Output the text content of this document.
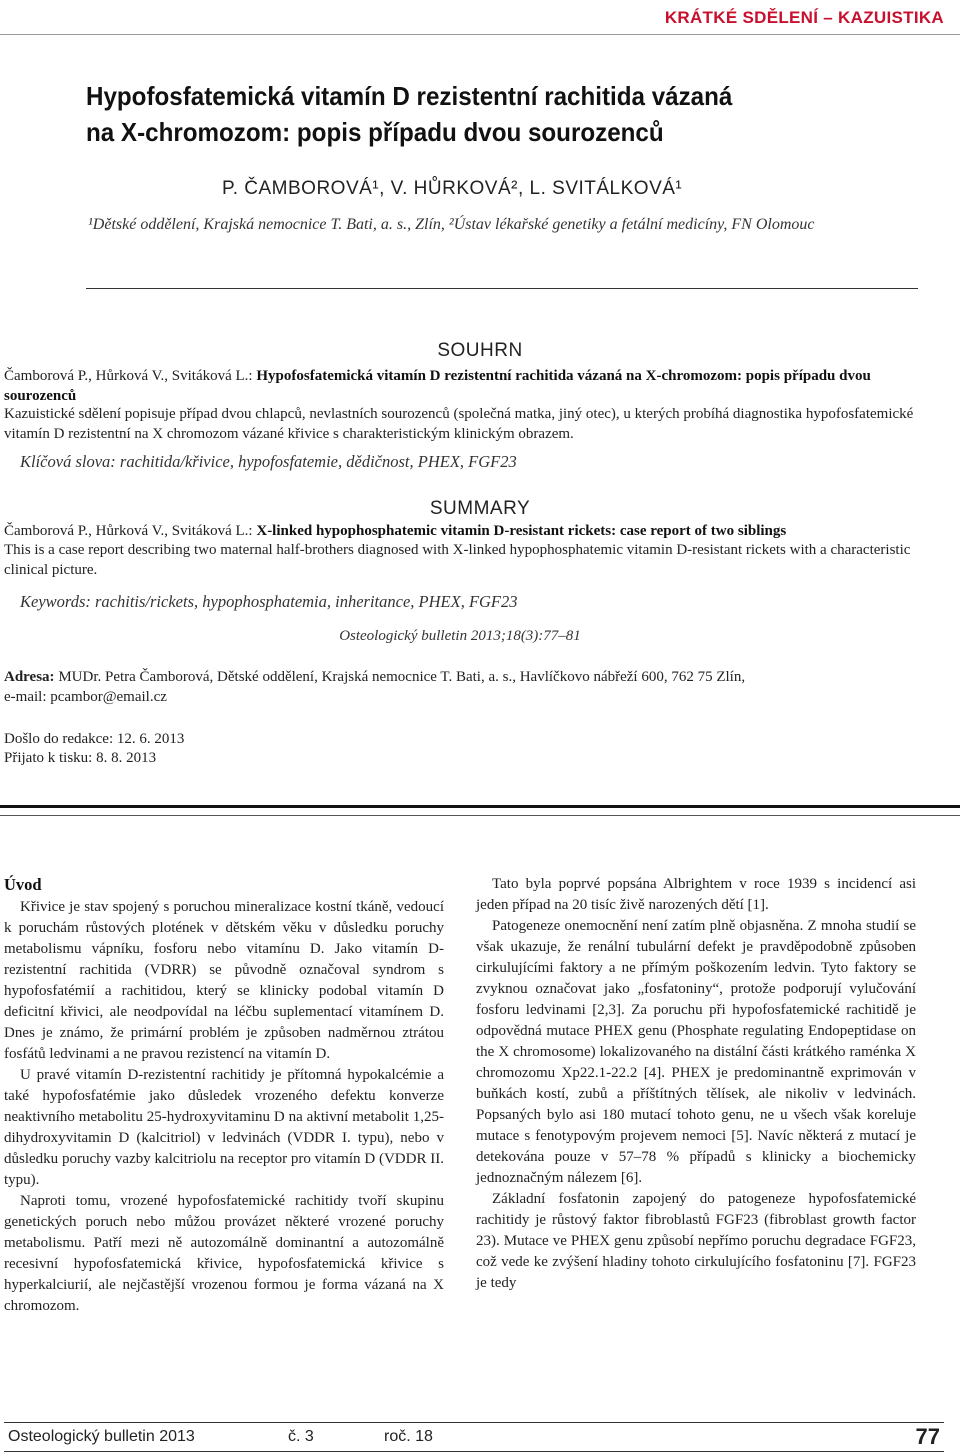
KRÁTKÉ SDĚLENÍ – KAZUISTIKA
Hypofosfatemická vitamín D rezistentní rachitida vázaná
na X-chromozom: popis případu dvou sourozenců
P. ČAMBOROVÁ¹, V. HŮRKOVÁ², L. SVITÁLKOVÁ¹
¹Dětské oddělení, Krajská nemocnice T. Bati, a. s., Zlín, ²Ústav lékařské genetiky a fetální medicíny, FN Olomouc
SOUHRN
Čamborová P., Hůrková V., Svitáková L.: Hypofosfatemická vitamín D rezistentní rachitida vázaná na X-chromozom: popis případu dvou sourozenců
Kazuistické sdělení popisuje případ dvou chlapců, nevlastních sourozenců (společná matka, jiný otec), u kterých probíhá diagnostika hypofosfatemické vitamín D rezistentní na X chromozom vázané křivice s charakteristickým klinickým obrazem.
Klíčová slova: rachitida/křivice, hypofosfatemie, dědičnost, PHEX, FGF23
SUMMARY
Čamborová P., Hůrková V., Svitáková L.: X-linked hypophosphatemic vitamin D-resistant rickets: case report of two siblings
This is a case report describing two maternal half-brothers diagnosed with X-linked hypophosphatemic vitamin D-resistant rickets with a characteristic clinical picture.
Keywords: rachitis/rickets, hypophosphatemia, inheritance, PHEX, FGF23
Osteologický bulletin 2013;18(3):77–81
Adresa: MUDr. Petra Čamborová, Dětské oddělení, Krajská nemocnice T. Bati, a. s., Havlíčkovo nábřeží 600, 762 75 Zlín,
e-mail: pcambor@email.cz
Došlo do redakce: 12. 6. 2013
Přijato k tisku: 8. 8. 2013
Úvod

Křivice je stav spojený s poruchou mineralizace kostní tkáně, vedoucí k poruchám růstových plotének v dětském věku v důsledku poruchy metabolismu vápníku, fosforu nebo vitamínu D. Jako vitamín D-rezistentní rachitida (VDRR) se původně označoval syndrom s hypofosfatémií a rachitidou, který se klinicky podobal vitamín D deficitní křivici, ale neodpovídal na léčbu suplementací vitamínem D. Dnes je známo, že primární problém je způsoben nadměrnou ztrátou fosfátů ledvinami a ne pravou rezistencí na vitamín D.

U pravé vitamín D-rezistentní rachitidy je přítomná hypokalcémie a také hypofosfatémie jako důsledek vrozeného defektu konverze neaktivního metabolitu 25-hydroxyvitaminu D na aktivní metabolit 1,25-dihydroxyvitamin D (kalcitriol) v ledvinách (VDDR I. typu), nebo v důsledku poruchy vazby kalcitriolu na receptor pro vitamín D (VDDR II. typu).

Naproti tomu, vrozené hypofosfatemické rachitidy tvoří skupinu genetických poruch nebo můžou provázet některé vrozené poruchy metabolismu. Patří mezi ně autozomálně dominantní a autozomálně recesivní hypofosfatemická křivice, hypofosfatemická křivice s hyperkalciurií, ale nejčastější vrozenou formou je forma vázaná na X chromozom.

Tato byla poprvé popsána Albrightem v roce 1939 s incidencí asi jeden případ na 20 tisíc živě narozených dětí [1].

Patogeneze onemocnění není zatím plně objasněna. Z mnoha studií se však ukazuje, že renální tubulární defekt je pravděpodobně způsoben cirkulujícími faktory a ne přímým poškozením ledvin. Tyto faktory se zvyknou označovat jako „fosfatoniny“, protože podporují vylučování fosforu ledvinami [2,3]. Za poruchu při hypofosfatemické rachitidě je odpovědná mutace PHEX genu (Phosphate regulating Endopeptidase on the X chromosome) lokalizovaného na distální části krátkého raménka X chromozomu Xp22.1-22.2 [4]. PHEX je predominantně exprimován v buňkách kostí, zubů a příštítných tělísek, ale nikoliv v ledvinách. Popsaných bylo asi 180 mutací tohoto genu, ne u všech však koreluje mutace s fenotypovým projevem nemoci [5]. Navíc některá z mutací je detekována pouze v 57–78 % případů s klinicky a biochemicky jednoznačným nálezem [6].

Základní fosfatonin zapojený do patogeneze hypofosfatemické rachitidy je růstový faktor fibroblastů FGF23 (fibroblast growth factor 23). Mutace ve PHEX genu způsobí nepřímo poruchu degradace FGF23, což vede ke zvýšení hladiny tohoto cirkulujícího fosfatoninu [7]. FGF23 je tedy

Osteologický bulletin 2013	č. 3	roč. 18	77
